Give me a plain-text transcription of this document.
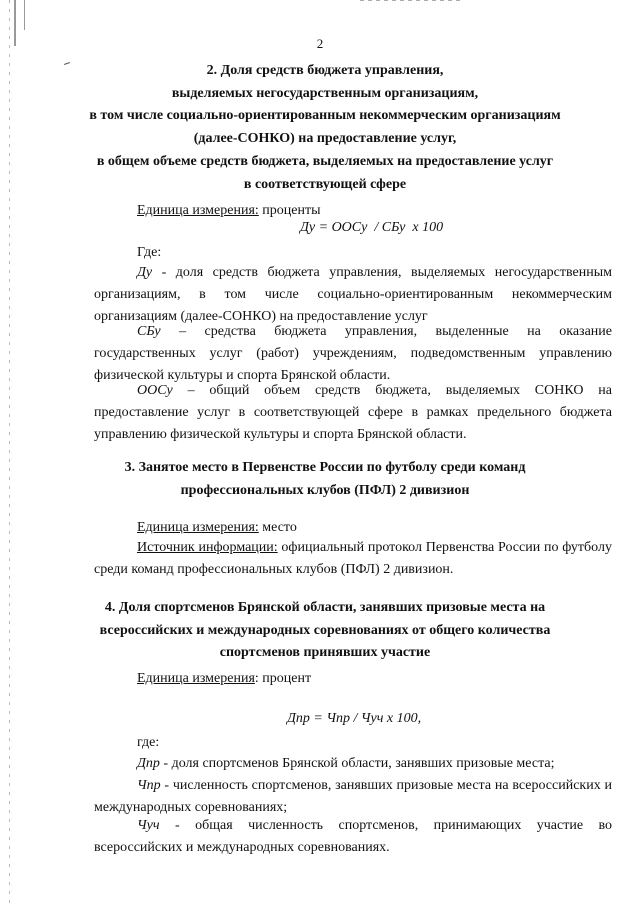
2
2. Доля средств бюджета управления,
выделяемых негосударственным организациям,
в том числе социально-ориентированным некоммерческим организациям
(далее-СОНКО) на предоставление услуг,
в общем объеме средств бюджета, выделяемых на предоставление услуг
в соответствующей сфере

Единица измерения: проценты

Ду = ООСу  / СБу  х 100

Где:

Ду - доля средств бюджета управления, выделяемых негосударственным организациям, в том числе социально-ориентированным некоммерческим организациям (далее-СОНКО) на предоставление услуг

СБу – средства бюджета управления, выделенные на оказание государственных услуг (работ) учреждениям, подведомственным управлению физической культуры и спорта Брянской области.

ООСу – общий объем средств бюджета, выделяемых СОНКО на предоставление услуг в соответствующей сфере в рамках предельного бюджета управлению физической культуры и спорта Брянской области.

3. Занятое место в Первенстве России по футболу среди команд
профессиональных клубов (ПФЛ) 2 дивизион

Единица измерения: место

Источник информации: официальный протокол Первенства России по футболу среди команд профессиональных клубов (ПФЛ) 2 дивизион.

4. Доля спортсменов Брянской области, занявших призовые места на
всероссийских и международных соревнованиях от общего количества
спортсменов принявших участие

Единица измерения: процент

Дпр = Чпр / Чуч х 100,

где:

Дпр - доля спортсменов Брянской области, занявших призовые места;

Чпр - численность спортсменов, занявших призовые места на всероссийских и международных соревнованиях;

Чуч - общая численность спортсменов, принимающих участие во всероссийских и международных соревнованиях.
